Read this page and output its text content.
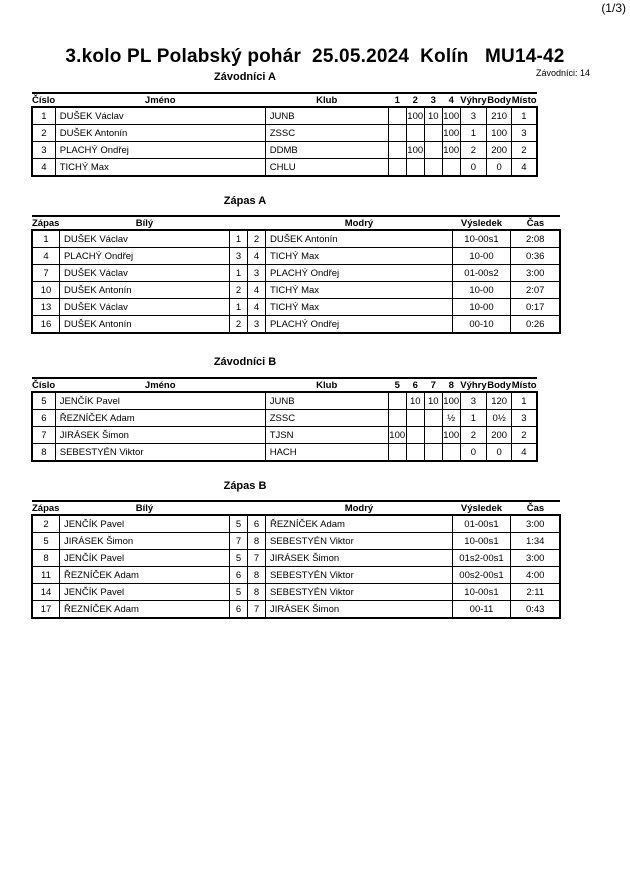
(1/3)
3.kolo PL Polabský pohár  25.05.2024  Kolín   MU14-42
Závodníci: 14
Závodníci A
Číslo	Jméno	Klub	1	2	3	4	Výhry	Body	Místo
1	DUŠEK Václav	JUNB		100	10	100	3	210	1
2	DUŠEK Antonín	ZSSC				100	1	100	3
3	PLACHÝ Ondřej	DDMB		100		100	2	200	2
4	TICHÝ Max	CHLU					0	0	4
Zápas A
Zápas	Bílý			Modrý	Výsledek	Čas
1	DUŠEK Václav	1	2	DUŠEK Antonín	10-00s1	2:08
4	PLACHÝ Ondřej	3	4	TICHÝ Max	10-00	0:36
7	DUŠEK Václav	1	3	PLACHÝ Ondřej	01-00s2	3:00
10	DUŠEK Antonín	2	4	TICHÝ Max	10-00	2:07
13	DUŠEK Václav	1	4	TICHÝ Max	10-00	0:17
16	DUŠEK Antonín	2	3	PLACHÝ Ondřej	00-10	0:26
Závodníci B
Číslo	Jméno	Klub	5	6	7	8	Výhry	Body	Místo
5	JENČÍK Pavel	JUNB		10	10	100	3	120	1
6	ŘEZNÍČEK Adam	ZSSC				½	1	0½	3
7	JIRÁSEK Šimon	TJSN	100			100	2	200	2
8	SEBESTYÉN Viktor	HACH					0	0	4
Zápas B
Zápas	Bílý			Modrý	Výsledek	Čas
2	JENČÍK Pavel	5	6	ŘEZNÍČEK Adam	01-00s1	3:00
5	JIRÁSEK Šimon	7	8	SEBESTYÉN Viktor	10-00s1	1:34
8	JENČÍK Pavel	5	7	JIRÁSEK Šimon	01s2-00s1	3:00
11	ŘEZNÍČEK Adam	6	8	SEBESTYÉN Viktor	00s2-00s1	4:00
14	JENČÍK Pavel	5	8	SEBESTYÉN Viktor	10-00s1	2:11
17	ŘEZNÍČEK Adam	6	7	JIRÁSEK Šimon	00-11	0:43
